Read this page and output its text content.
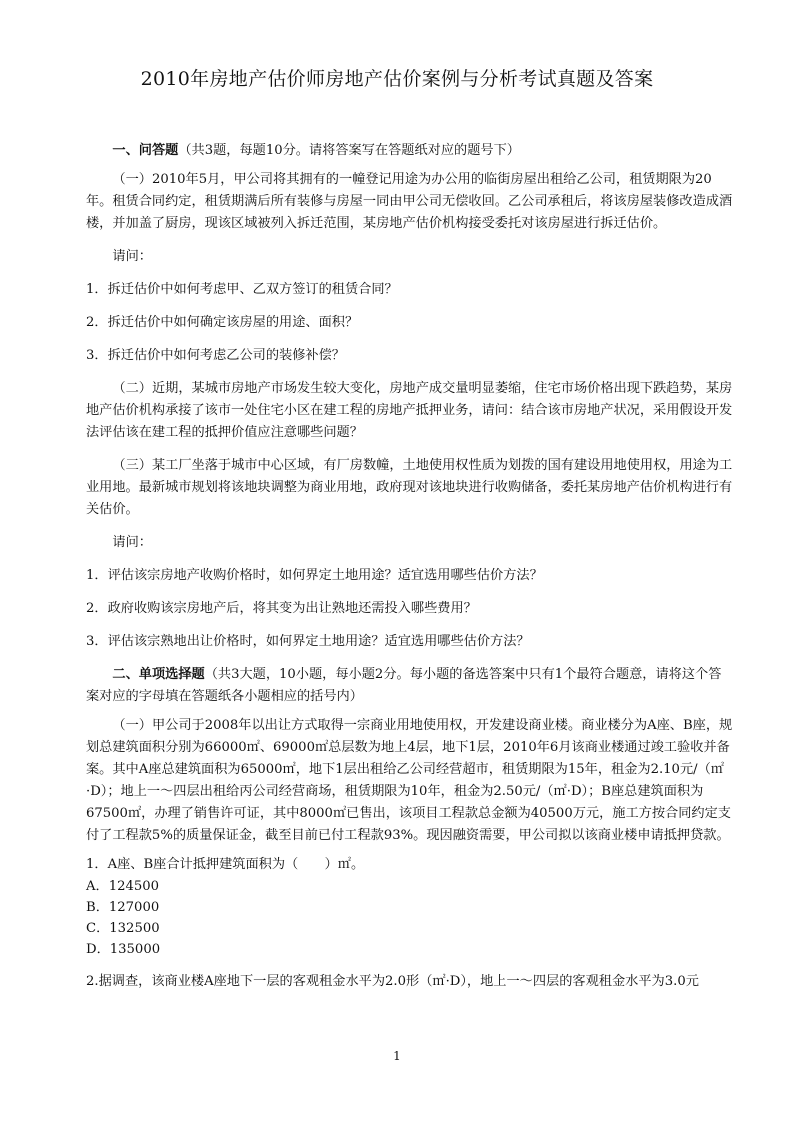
2010年房地产估价师房地产估价案例与分析考试真题及答案

一、问答题（共3题，每题10分。请将答案写在答题纸对应的题号下）

（一）2010年5月，甲公司将其拥有的一幢登记用途为办公用的临街房屋出租给乙公司，租赁期限为20年。租赁合同约定，租赁期满后所有装修与房屋一同由甲公司无偿收回。乙公司承租后，将该房屋装修改造成酒楼，并加盖了厨房，现该区域被列入拆迁范围，某房地产估价机构接受委托对该房屋进行拆迁估价。

请问：

1．拆迁估价中如何考虑甲、乙双方签订的租赁合同？

2．拆迁估价中如何确定该房屋的用途、面积？

3．拆迁估价中如何考虑乙公司的装修补偿？

（二）近期，某城市房地产市场发生较大变化，房地产成交量明显萎缩，住宅市场价格出现下跌趋势，某房地产估价机构承接了该市一处住宅小区在建工程的房地产抵押业务，请问：结合该市房地产状况，采用假设开发法评估该在建工程的抵押价值应注意哪些问题？

（三）某工厂坐落于城市中心区域，有厂房数幢，土地使用权性质为划拨的国有建设用地使用权，用途为工业用地。最新城市规划将该地块调整为商业用地，政府现对该地块进行收购储备，委托某房地产估价机构进行有关估价。

请问：

1．评估该宗房地产收购价格时，如何界定土地用途？适宜选用哪些估价方法？

2．政府收购该宗房地产后，将其变为出让熟地还需投入哪些费用？

3．评估该宗熟地出让价格时，如何界定土地用途？适宜选用哪些估价方法？

二、单项选择题（共3大题，10小题，每小题2分。每小题的备选答案中只有1个最符合题意，请将这个答案对应的字母填在答题纸各小题相应的括号内）

（一）甲公司于2008年以出让方式取得一宗商业用地使用权，开发建设商业楼。商业楼分为A座、B座，规划总建筑面积分别为66000㎡、69000㎡总层数为地上4层，地下1层，2010年6月该商业楼通过竣工验收并备案。其中A座总建筑面积为65000㎡，地下1层出租给乙公司经营超市，租赁期限为15年，租金为2.10元/（㎡·D）；地上一～四层出租给丙公司经营商场，租赁期限为10年，租金为2.50元/（㎡·D）；B座总建筑面积为67500㎡，办理了销售许可证，其中8000㎡已售出，该项目工程款总金额为40500万元，施工方按合同约定支付了工程款5%的质量保证金，截至目前已付工程款93%。现因融资需要，甲公司拟以该商业楼申请抵押贷款。

1．A座、B座合计抵押建筑面积为（　　）㎡。

A．124500

B．127000

C．132500

D．135000

2.据调查，该商业楼A座地下一层的客观租金水平为2.0形（㎡·D），地上一～四层的客观租金水平为3.0元

1
